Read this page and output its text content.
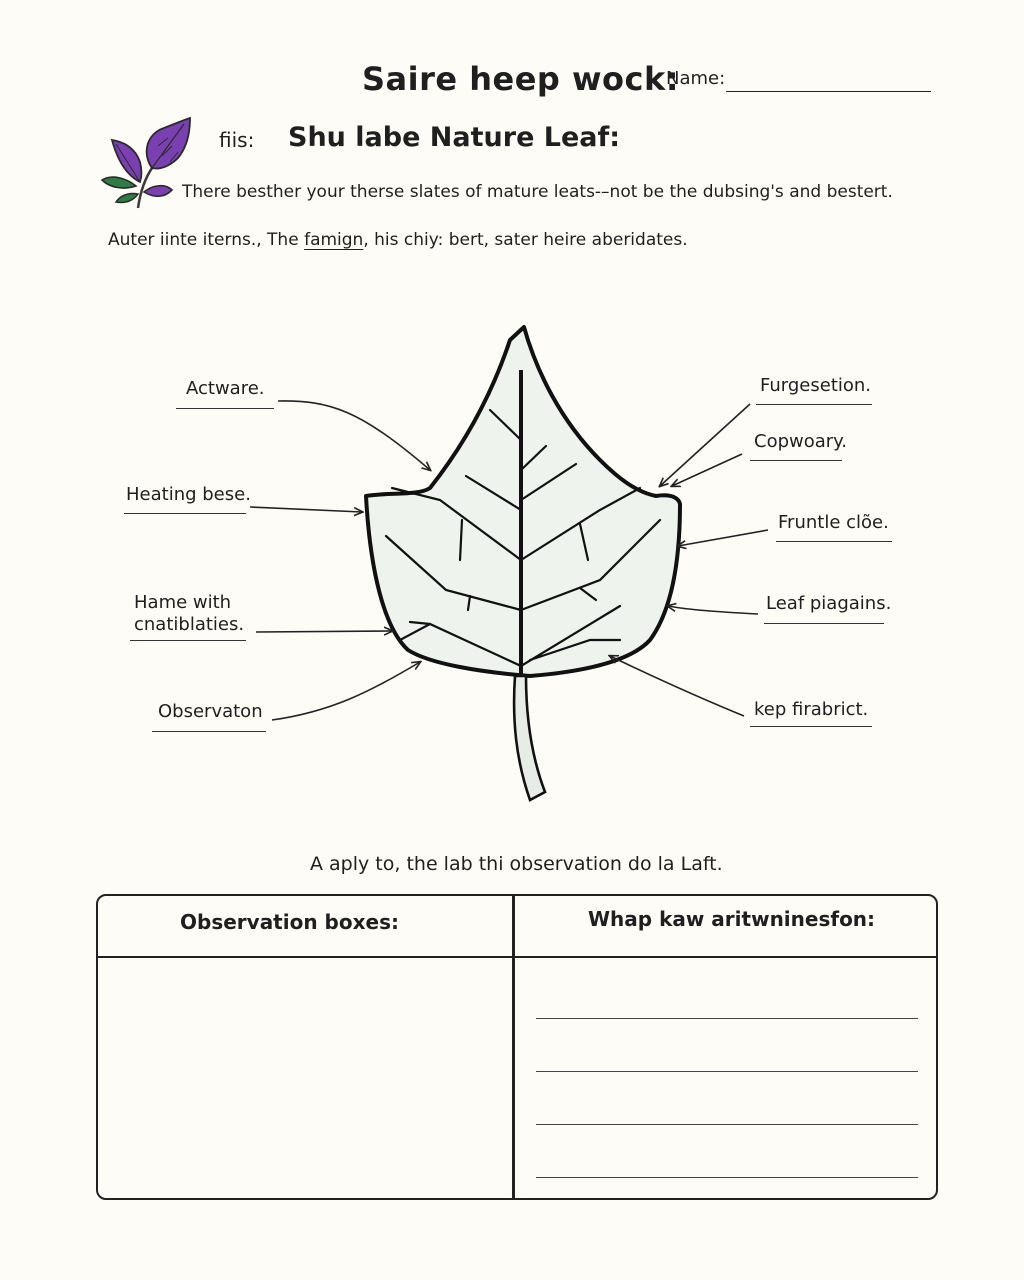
Saire heep wock:
Name:
fiis: Shu labe Nature Leaf:
There besther your therse slates of mature leats-–not be the dubsing's and bestert.
Auter iinte iterns., The famign, his chiy: bert, sater heire aberidates.
Actware.
Heating bese.
Hame with
cnatiblaties.
Observaton
Furgesetion.
Copwoary.
Fruntle clõe.
Leaf piagains.
kep firabrict.
A aply to, the lab thi observation do la Laft.
Observation boxes:	Whap kaw aritwninesfon:
